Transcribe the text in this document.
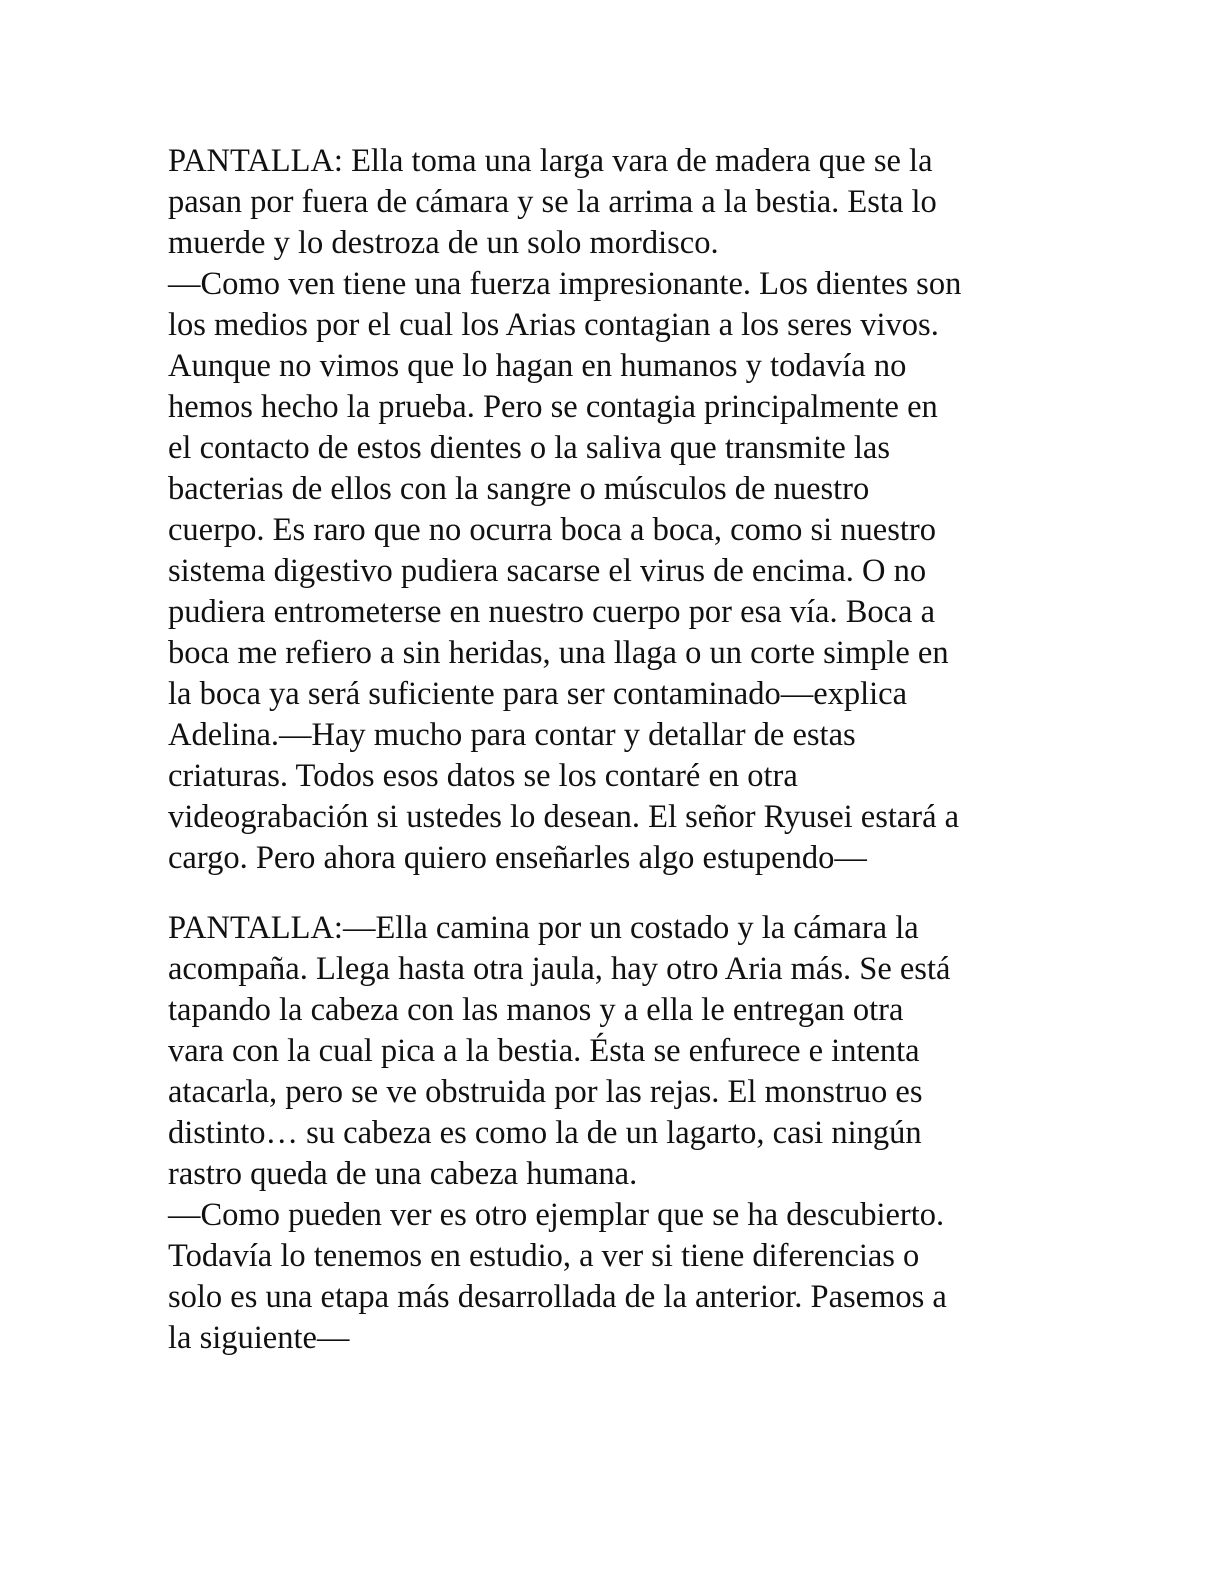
PANTALLA: Ella toma una larga vara de madera que se la
pasan por fuera de cámara y se la arrima a la bestia. Esta lo
muerde y lo destroza de un solo mordisco.
—Como ven tiene una fuerza impresionante. Los dientes son
los medios por el cual los Arias contagian a los seres vivos.
Aunque no vimos que lo hagan en humanos y todavía no
hemos hecho la prueba. Pero se contagia principalmente en
el contacto de estos dientes o la saliva que transmite las
bacterias de ellos con la sangre o músculos de nuestro
cuerpo. Es raro que no ocurra boca a boca, como si nuestro
sistema digestivo pudiera sacarse el virus de encima. O no
pudiera entrometerse en nuestro cuerpo por esa vía. Boca a
boca me refiero a sin heridas, una llaga o un corte simple en
la boca ya será suficiente para ser contaminado—explica
Adelina.—Hay mucho para contar y detallar de estas
criaturas. Todos esos datos se los contaré en otra
videograbación si ustedes lo desean. El señor Ryusei estará a
cargo. Pero ahora quiero enseñarles algo estupendo—
PANTALLA:—Ella camina por un costado y la cámara la
acompaña. Llega hasta otra jaula, hay otro Aria más. Se está
tapando la cabeza con las manos y a ella le entregan otra
vara con la cual pica a la bestia. Ésta se enfurece e intenta
atacarla, pero se ve obstruida por las rejas. El monstruo es
distinto… su cabeza es como la de un lagarto, casi ningún
rastro queda de una cabeza humana.
—Como pueden ver es otro ejemplar que se ha descubierto.
Todavía lo tenemos en estudio, a ver si tiene diferencias o
solo es una etapa más desarrollada de la anterior. Pasemos a
la siguiente—
